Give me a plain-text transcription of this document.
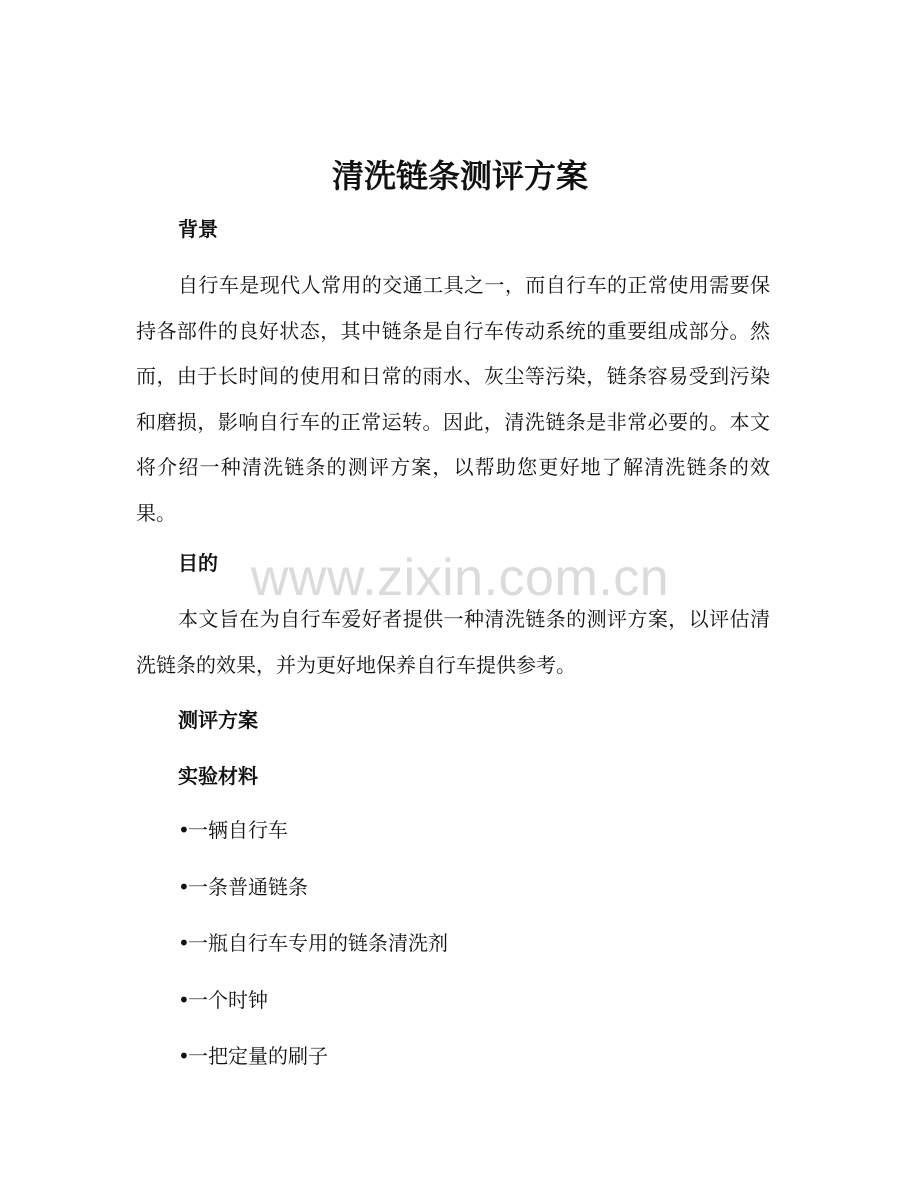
清洗链条测评方案
背景

自行车是现代人常用的交通工具之一，而自行车的正常使用需要保持各部件的良好状态，其中链条是自行车传动系统的重要组成部分。然而，由于长时间的使用和日常的雨水、灰尘等污染，链条容易受到污染和磨损，影响自行车的正常运转。因此，清洗链条是非常必要的。本文将介绍一种清洗链条的测评方案，以帮助您更好地了解清洗链条的效果。

目的

本文旨在为自行车爱好者提供一种清洗链条的测评方案，以评估清洗链条的效果，并为更好地保养自行车提供参考。

测评方案
实验材料
•一辆自行车
•一条普通链条
•一瓶自行车专用的链条清洗剂
•一个时钟
•一把定量的刷子
www.zixin.com.cn
